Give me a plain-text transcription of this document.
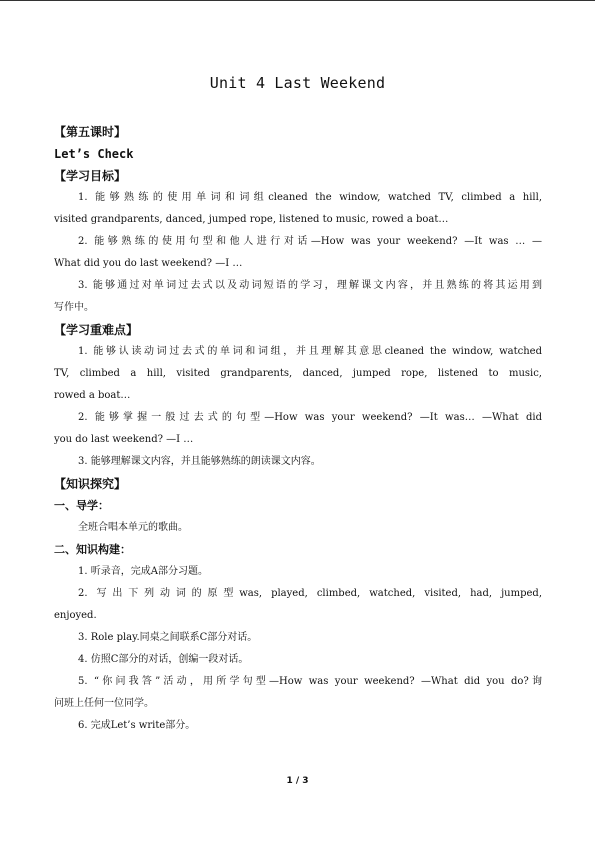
Unit 4 Last Weekend
【第五课时】
Let’s Check
【学习目标】
1. 能够熟练的使用单词和词组cleaned the window, watched TV, climbed a hill,
visited grandparents, danced, jumped rope, listened to music, rowed a boat…
2. 能够熟练的使用句型和他人进行对话—How was your weekend? —It was … —
What did you do last weekend? —I …
3. 能够通过对单词过去式以及动词短语的学习，理解课文内容，并且熟练的将其运用到
写作中。
【学习重难点】
1. 能够认读动词过去式的单词和词组，并且理解其意思cleaned the window, watched
TV, climbed a hill, visited grandparents, danced, jumped rope, listened to music,
rowed a boat…
2. 能够掌握一般过去式的句型—How was your weekend? —It was… —What did
you do last weekend? —I …
3. 能够理解课文内容，并且能够熟练的朗读课文内容。
【知识探究】
一、导学：
全班合唱本单元的歌曲。
二、知识构建：
1. 听录音，完成A部分习题。
2. 写出下列动词的原型was, played, climbed, watched, visited, had, jumped,
enjoyed.
3. Role play.同桌之间联系C部分对话。
4. 仿照C部分的对话，创编一段对话。
5. “你问我答”活动，用所学句型—How was your weekend? —What did you do?询
问班上任何一位同学。
6. 完成Let’s write部分。
1 / 3
